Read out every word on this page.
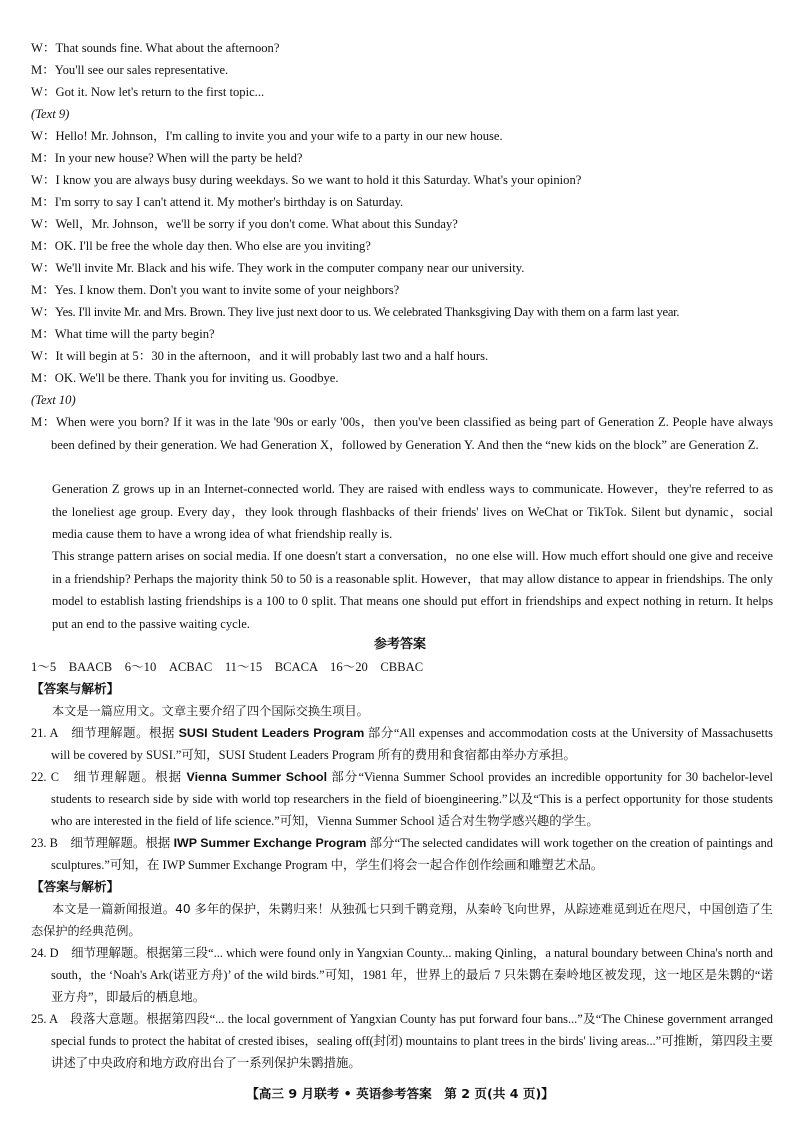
W：That sounds fine. What about the afternoon?
M：You'll see our sales representative.
W：Got it. Now let's return to the first topic...
(Text 9)
W：Hello! Mr. Johnson，I'm calling to invite you and your wife to a party in our new house.
M：In your new house? When will the party be held?
W：I know you are always busy during weekdays. So we want to hold it this Saturday. What's your opinion?
M：I'm sorry to say I can't attend it. My mother's birthday is on Saturday.
W：Well，Mr. Johnson，we'll be sorry if you don't come. What about this Sunday?
M：OK. I'll be free the whole day then. Who else are you inviting?
W：We'll invite Mr. Black and his wife. They work in the computer company near our university.
M：Yes. I know them. Don't you want to invite some of your neighbors?
W：Yes. I'll invite Mr. and Mrs. Brown. They live just next door to us. We celebrated Thanksgiving Day with them on a farm last year.
M：What time will the party begin?
W：It will begin at 5：30 in the afternoon，and it will probably last two and a half hours.
M：OK. We'll be there. Thank you for inviting us. Goodbye.
(Text 10)
M：When were you born? If it was in the late '90s or early '00s，then you've been classified as being part of Generation Z. People have always been defined by their generation. We had Generation X，followed by Generation Y. And then the “new kids on the block” are Generation Z.
Generation Z grows up in an Internet-connected world. They are raised with endless ways to communicate. However，they're referred to as the loneliest age group. Every day，they look through flashbacks of their friends' lives on WeChat or TikTok. Silent but dynamic，social media cause them to have a wrong idea of what friendship really is.
This strange pattern arises on social media. If one doesn't start a conversation，no one else will. How much effort should one give and receive in a friendship? Perhaps the majority think 50 to 50 is a reasonable split. However，that may allow distance to appear in friendships. The only model to establish lasting friendships is a 100 to 0 split. That means one should put effort in friendships and expect nothing in return. It helps put an end to the passive waiting cycle.
参考答案
1～5　BAACB　6～10　ACBAC　11～15　BCACA　16～20　CBBAC
【答案与解析】
本文是一篇应用文。文章主要介绍了四个国际交换生项目。
21. A　细节理解题。根据 SUSI Student Leaders Program 部分“All expenses and accommodation costs at the University of Massachusetts will be covered by SUSI.”可知，SUSI Student Leaders Program 所有的费用和食宿都由举办方承担。
22. C　细节理解题。根据 Vienna Summer School 部分“Vienna Summer School provides an incredible opportunity for 30 bachelor-level students to research side by side with world top researchers in the field of bioengineering.”以及“This is a perfect opportunity for those students who are interested in the field of life science.”可知，Vienna Summer School 适合对生物学感兴趣的学生。
23. B　细节理解题。根据 IWP Summer Exchange Program 部分“The selected candidates will work together on the creation of paintings and sculptures.”可知，在 IWP Summer Exchange Program 中，学生们将会一起合作创作绘画和雕塑艺术品。
【答案与解析】
本文是一篇新闻报道。40 多年的保护，朱鹮归来！从独孤七只到千鹮竞翔，从秦岭飞向世界，从踪迹难觅到近在咫尺，中国创造了生态保护的经典范例。
24. D　细节理解题。根据第三段“... which were found only in Yangxian County... making Qinling，a natural boundary between China's north and south，the ‘Noah's Ark(诺亚方舟)’ of the wild birds.”可知，1981 年，世界上的最后 7 只朱鹮在秦岭地区被发现，这一地区是朱鹮的“诺亚方舟”，即最后的栖息地。
25. A　段落大意题。根据第四段“... the local government of Yangxian County has put forward four bans...”及“The Chinese government arranged special funds to protect the habitat of crested ibises，sealing off(封闭) mountains to plant trees in the birds' living areas...”可推断，第四段主要讲述了中央政府和地方政府出台了一系列保护朱鹮措施。
【高三 9 月联考 • 英语参考答案　第 2 页(共 4 页)】
